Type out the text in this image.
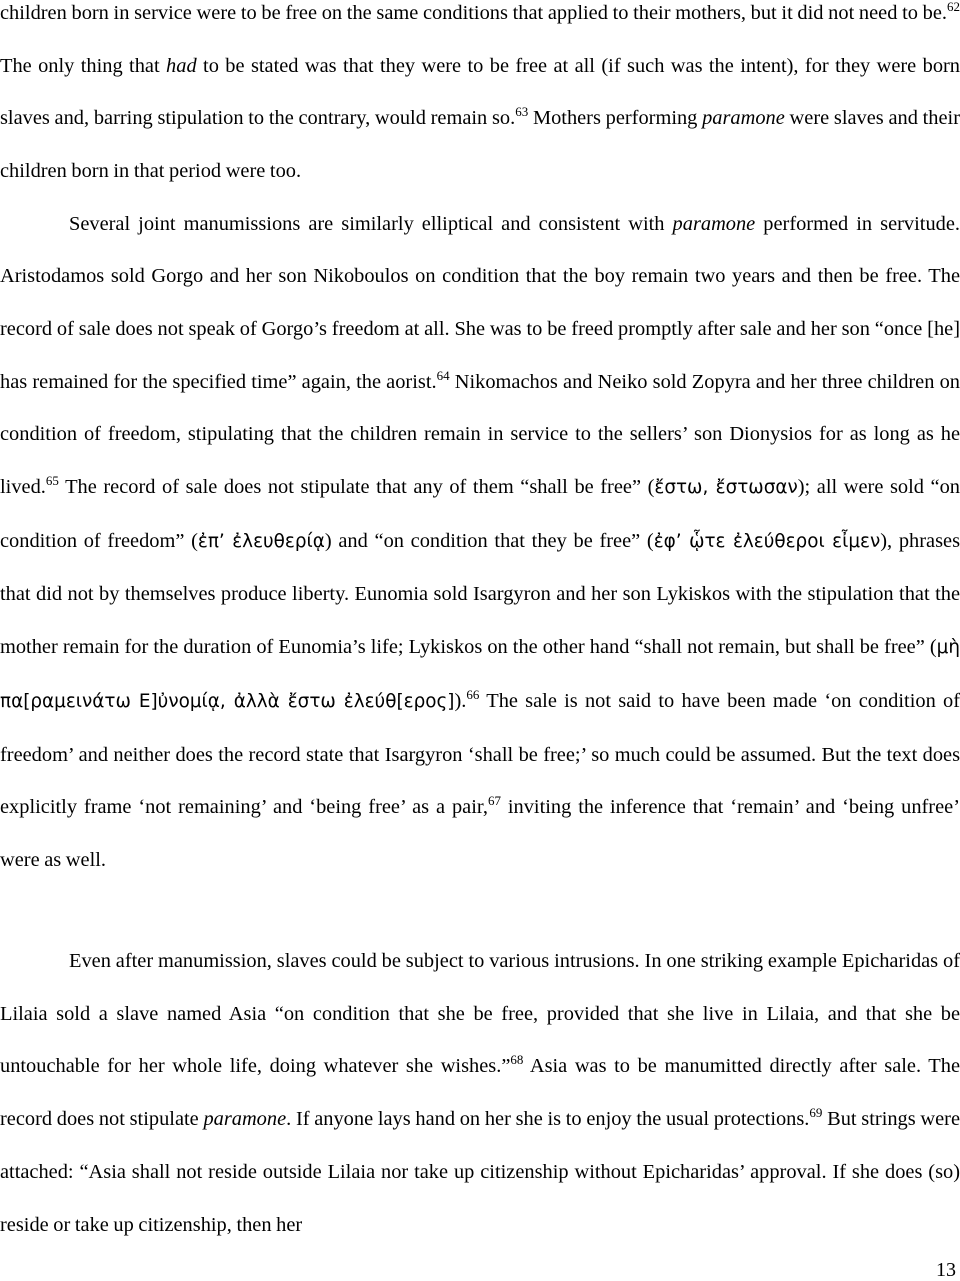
children born in service were to be free on the same conditions that applied to their mothers, but it did not need to be.$^{62}$ The only thing that had to be stated was that they were to be free at all (if such was the intent), for they were born slaves and, barring stipulation to the contrary, would remain so.$^{63}$ Mothers performing paramone were slaves and their children born in that period were too.

Several joint manumissions are similarly elliptical and consistent with paramone performed in servitude. Aristodamos sold Gorgo and her son Nikoboulos on condition that the boy remain two years and then be free. The record of sale does not speak of Gorgo’s freedom at all. She was to be freed promptly after sale and her son “once [he] has remained for the specified time” again, the aorist.$^{64}$ Nikomachos and Neiko sold Zopyra and her three children on condition of freedom, stipulating that the children remain in service to the sellers’ son Dionysios for as long as he lived.$^{65}$ The record of sale does not stipulate that any of them “shall be free” (ἔστω, ἔστωσαν); all were sold “on condition of freedom” (ἐπ’ ἐλευθερίᾳ) and “on condition that they be free” (ἐφ’ ᾧτε ἐλεύθεροι εἶμεν), phrases that did not by themselves produce liberty. Eunomia sold Isargyron and her son Lykiskos with the stipulation that the mother remain for the duration of Eunomia’s life; Lykiskos on the other hand “shall not remain, but shall be free” (μὴ πα[ραμεινάτω Ε]ὐνομίᾳ, ἀλλὰ ἔστω ἐλεύθ[ερος]).$^{66}$ The sale is not said to have been made ‘on condition of freedom’ and neither does the record state that Isargyron ‘shall be free;’ so much could be assumed. But the text does explicitly frame ‘not remaining’ and ‘being free’ as a pair,$^{67}$ inviting the inference that ‘remain’ and ‘being unfree’ were as well.

Even after manumission, slaves could be subject to various intrusions. In one striking example Epicharidas of Lilaia sold a slave named Asia “on condition that she be free, provided that she live in Lilaia, and that she be untouchable for her whole life, doing whatever she wishes.”$^{68}$ Asia was to be manumitted directly after sale. The record does not stipulate paramone. If anyone lays hand on her she is to enjoy the usual protections.$^{69}$ But strings were attached: “Asia shall not reside outside Lilaia nor take up citizenship without Epicharidas’ approval. If she does (so) reside or take up citizenship, then her

13
